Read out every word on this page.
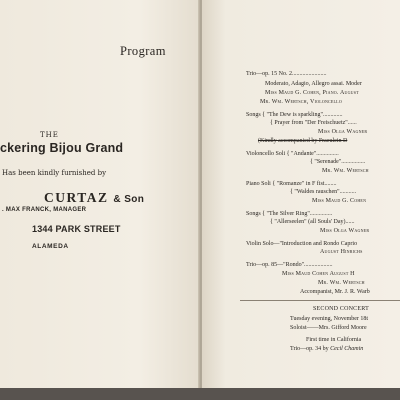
THE
ckering Bijou Grand
Has been kindly furnished by
CURTAZ & Son
. MAX FRANCK, MANAGER
1344 PARK STREET
ALAMEDA
Program
Trio—op. 15 No. 2.......................
Moderato, Adagio, Allegro assai. Moder
Miss Maud G. Cohen, Piano. August
Mr. Wm. Wertsch, Violoncello
Songs { "The Dew is sparkling".............
{ Prayer from "Der Freischuetz"......
Miss Olga Wagner
(Kindly accompanied by Fraeulein D
Violoncello Soli { "Andante"...............
{ "Serenade"................
Mr. Wm. Wertsch
Piano Soli { "Romanze" in F fist........
{ "Waldes rauschen"...........
Miss Maud G. Cohen
Songs { "The Silver Ring"...............
{ "Allerseelen" (all Souls' Day)......
Miss Olga Wagner
Violin Solo—"Introduction and Rondo Caprio
August Hinrichs
Trio—op. 85—"Rondo"...................
Miss Maud Cohen August H
Mr. Wm. Wertsch
Accompanist, Mr. J. R. Warb
SECOND CONCERT
Tuesday evening, November 18t
Soloist——Mrs. Gifford Moore
First time in California
Trio—op. 34 by Cecil Chamin
